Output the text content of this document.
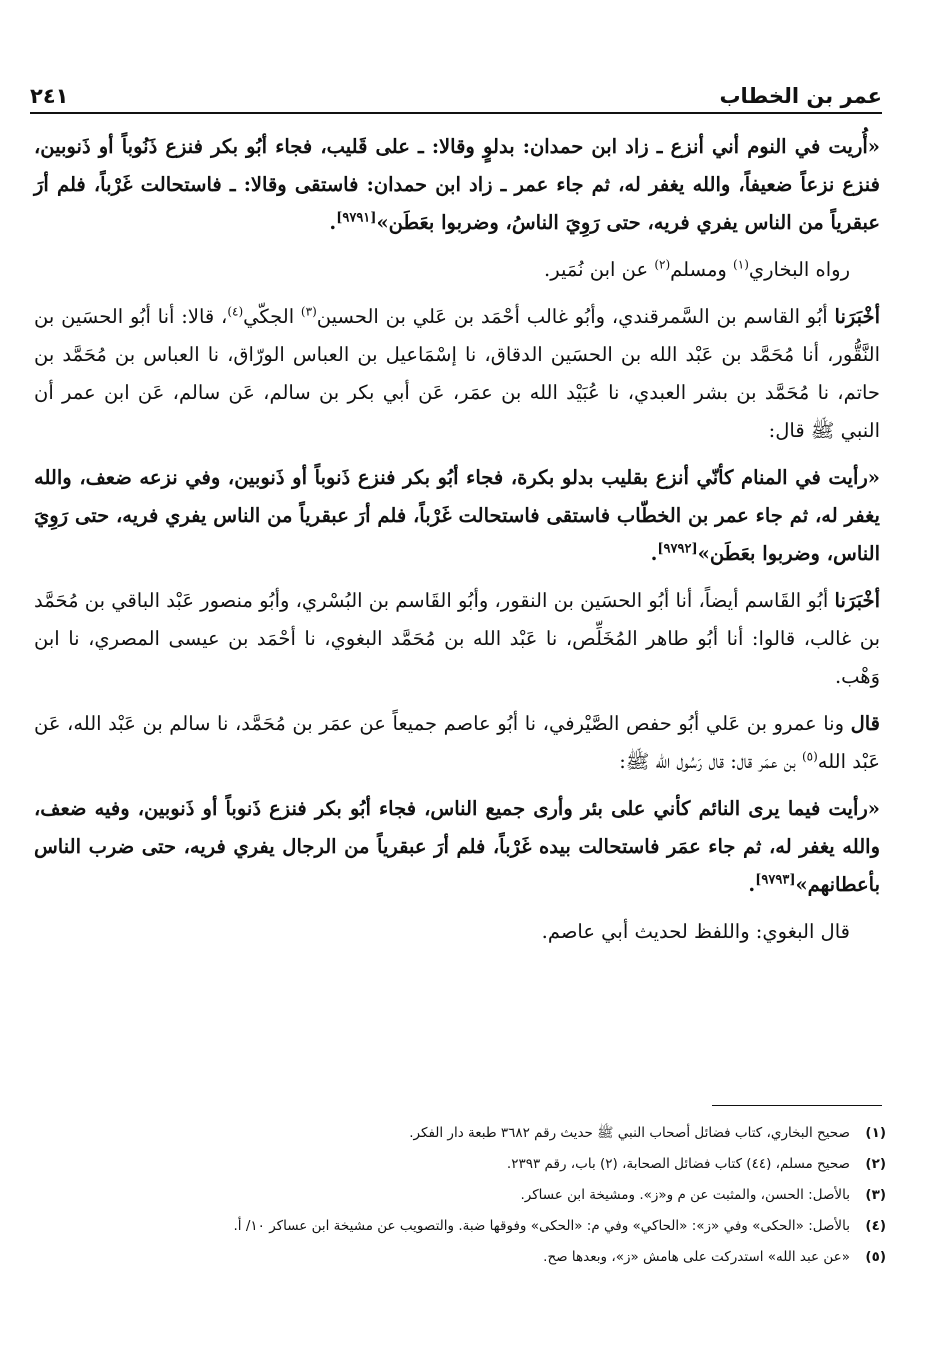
عمر بن الخطاب
٢٤١

«أُريت في النوم أني أنزع ـ زاد ابن حمدان: بدلوٍ وقالا: ـ على قَليب، فجاء أبُو بكر فنزع ذَنُوباً أو ذَنوبين، فنزع نزعاً ضعيفاً، والله يغفر له، ثم جاء عمر ـ زاد ابن حمدان: فاستقى وقالا: ـ فاستحالت غَرْباً، فلم أرَ عبقرياً من الناس يفري فريه، حتى رَوِيَ الناسُ، وضربوا بعَطَن»[٩٧٩١].

رواه البخاري$^{(١)}$ ومسلم$^{(٢)}$ عن ابن نُمَير.

أخْبَرَنا أبُو القاسم بن السَّمرقندي، وأبُو غالب أحْمَد بن عَلي بن الحسين$^{(٣)}$ الجكّي$^{(٤)}$، قالا: أنا أبُو الحسَين بن النَّقُّور، أنا مُحَمَّد بن عَبْد الله بن الحسَين الدقاق، نا إسْمَاعيل بن العباس الورّاق، نا العباس بن مُحَمَّد بن حاتم، نا مُحَمَّد بن بشر العبدي، نا عُبَيْد الله بن عمَر، عَن أبي بكر بن سالم، عَن سالم، عَن ابن عمر أن النبي ﷺ قال:

«رأيت في المنام كأنّي أنزع بقليب بدلو بكرة، فجاء أبُو بكر فنزع ذَنوباً أو ذَنوبين، وفي نزعه ضعف، والله يغفر له، ثم جاء عمر بن الخطّاب فاستقى فاستحالت غَرْباً، فلم أرَ عبقرياً من الناس يفري فريه، حتى رَوِيَ الناس، وضربوا بعَطَن»[٩٧٩٢].

أخْبَرَنا أبُو القَاسم أيضاً، أنا أبُو الحسَين بن النقور، وأبُو القَاسم بن البُسْري، وأبُو منصور عَبْد الباقي بن مُحَمَّد بن غالب، قالوا: أنا أبُو طاهر المُخَلِّص، نا عَبْد الله بن مُحَمَّد البغوي، نا أحْمَد بن عيسى المصري، نا ابن وَهْب.

قال ونا عمرو بن عَلي أبُو حفص الصَّيْرفي، نا أبُو عاصم جميعاً عن عمَر بن مُحَمَّد، نا سالم بن عَبْد الله، عَن عَبْد الله$^{(٥)}$ بن عمَر قال: قال رَسُول الله ﷺ:

«رأيت فيما يرى النائم كأني على بئر وأرى جميع الناس، فجاء أبُو بكر فنزع ذَنوباً أو ذَنوبين، وفيه ضعف، والله يغفر له، ثم جاء عمَر فاستحالت بيده غَرْباً، فلم أرَ عبقرياً من الرجال يفري فريه، حتى ضرب الناس بأعطانهم»[٩٧٩٣].

قال البغوي: واللفظ لحديث أبي عاصم.

(١)
صحيح البخاري، كتاب فضائل أصحاب النبي ﷺ حديث رقم ٣٦٨٢ طبعة دار الفكر.
(٢)
صحيح مسلم، (٤٤) كتاب فضائل الصحابة، (٢) باب، رقم ٢٣٩٣.
(٣)
بالأصل: الحسن، والمثبت عن م و«ز». ومشيخة ابن عساكر.
(٤)
بالأصل: «الحكى» وفي «ز»: «الحاكي» وفي م: «الحكى» وفوقها ضبة. والتصويب عن مشيخة ابن عساكر ١٠/ أ.
(٥)
«عن عبد الله» استدركت على هامش «ز»، وبعدها صح.
